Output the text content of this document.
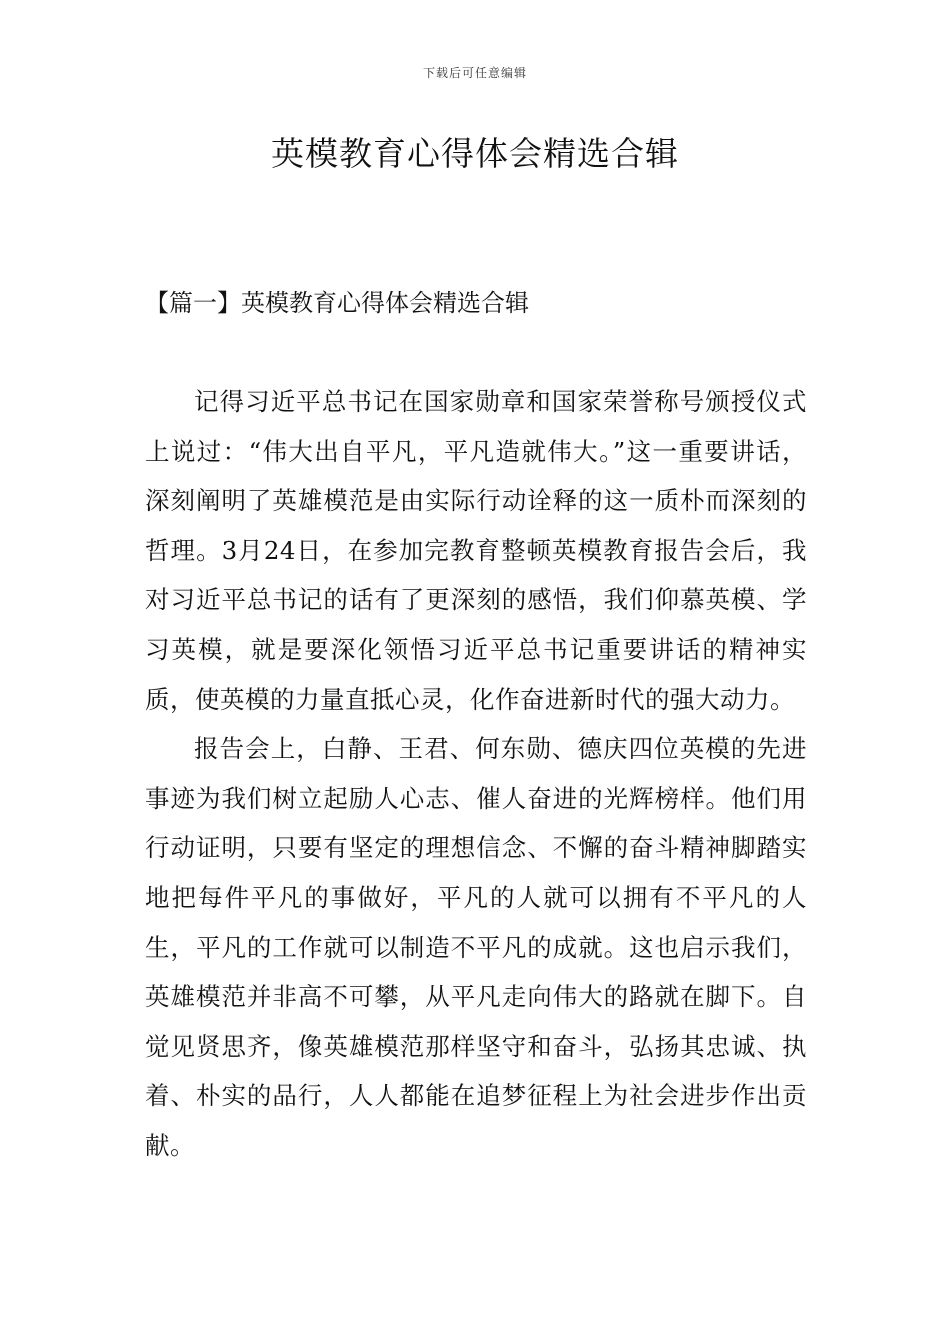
下载后可任意编辑
英模教育心得体会精选合辑
【篇一】英模教育心得体会精选合辑

记得习近平总书记在国家勋章和国家荣誉称号颁授仪式上说过：“伟大出自平凡，平凡造就伟大。”这一重要讲话，深刻阐明了英雄模范是由实际行动诠释的这一质朴而深刻的哲理。3月24日，在参加完教育整顿英模教育报告会后，我对习近平总书记的话有了更深刻的感悟，我们仰慕英模、学习英模，就是要深化领悟习近平总书记重要讲话的精神实质，使英模的力量直抵心灵，化作奋进新时代的强大动力。

报告会上，白静、王君、何东勋、德庆四位英模的先进事迹为我们树立起励人心志、催人奋进的光辉榜样。他们用行动证明，只要有坚定的理想信念、不懈的奋斗精神脚踏实地把每件平凡的事做好，平凡的人就可以拥有不平凡的人生，平凡的工作就可以制造不平凡的成就。这也启示我们，英雄模范并非高不可攀，从平凡走向伟大的路就在脚下。自觉见贤思齐，像英雄模范那样坚守和奋斗，弘扬其忠诚、执着、朴实的品行，人人都能在追梦征程上为社会进步作出贡献。
